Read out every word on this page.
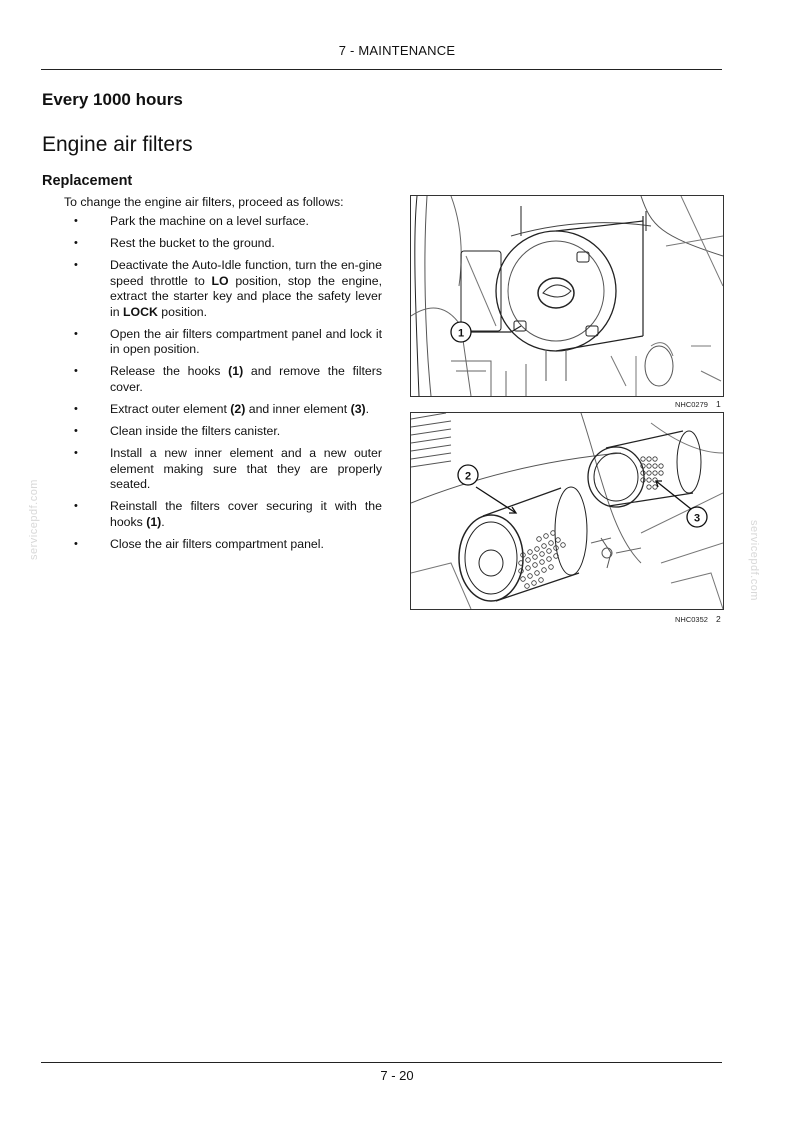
7 - MAINTENANCE
Every 1000 hours
Engine air filters
Replacement
To change the engine air filters, proceed as follows:
• Park the machine on a level surface.
• Rest the bucket to the ground.
• Deactivate the Auto-Idle function, turn the en-gine speed throttle to LO position, stop the engine, extract the starter key and place the safety lever in LOCK position.
• Open the air filters compartment panel and lock it in open position.
• Release the hooks (1) and remove the filters cover.
• Extract outer element (2) and inner element (3).
• Clean inside the filters canister.
• Install a new inner element and a new outer element making sure that they are properly seated.
• Reinstall the filters cover securing it with the hooks (1).
• Close the air filters compartment panel.
1
NHC0279 1
2
3
NHC0352 2
servicepdf.com
servicepdf.com
7 - 20
